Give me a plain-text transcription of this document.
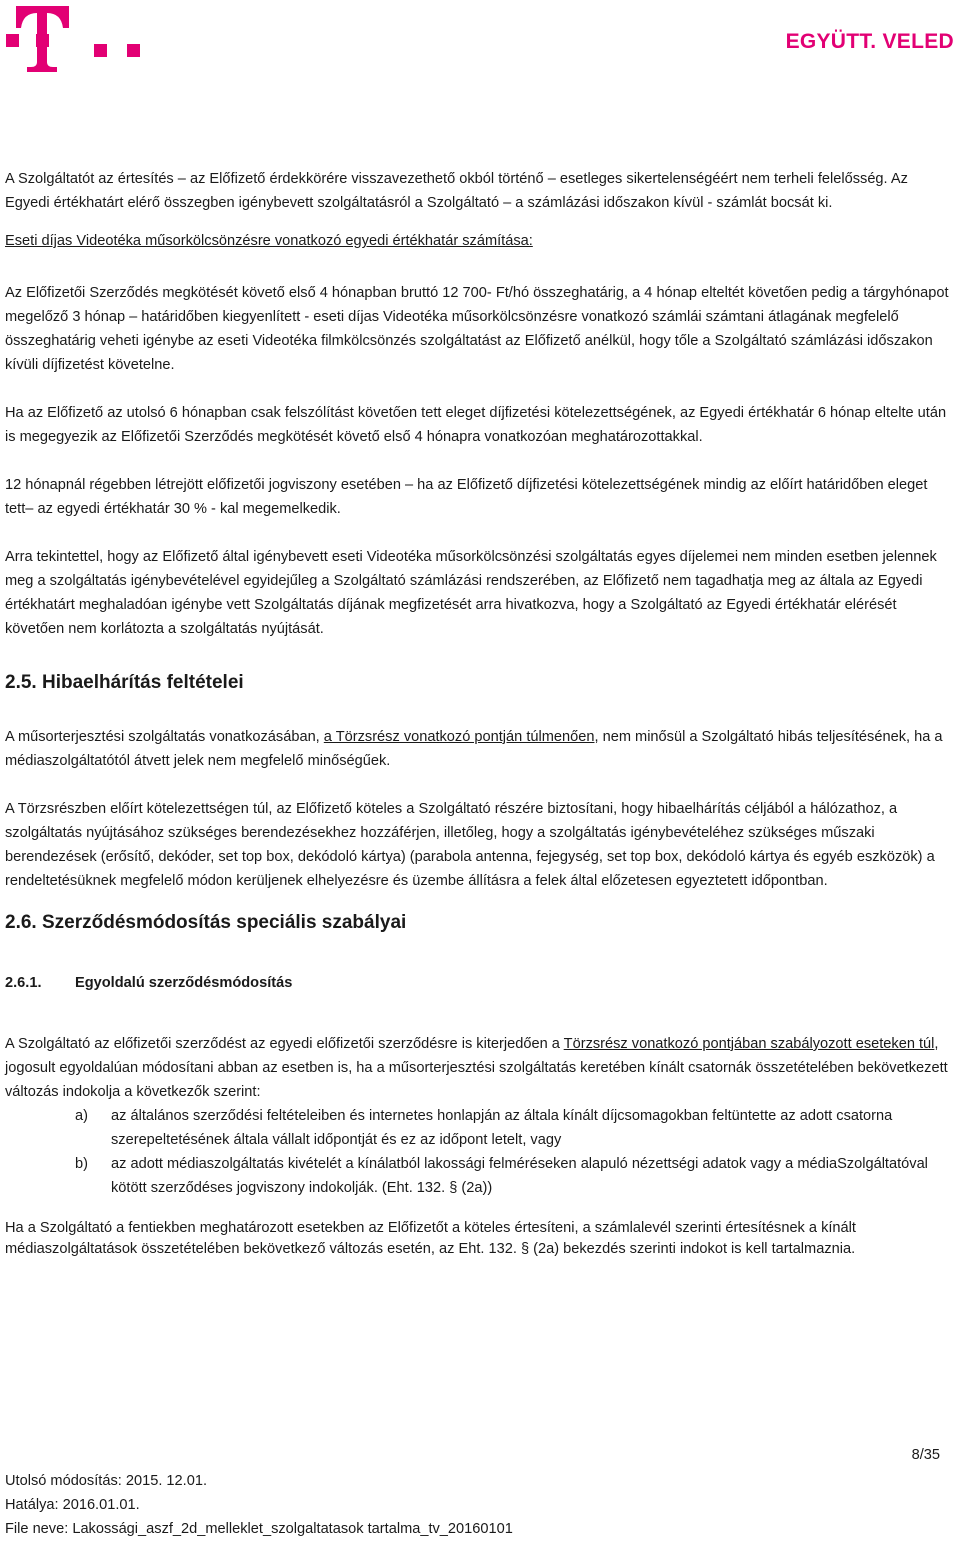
EGYÜTT. VELED

A Szolgáltatót az értesítés – az Előfizető érdekkörére visszavezethető okból történő – esetleges sikertelenségéért nem terheli felelősség. Az Egyedi értékhatárt elérő összegben igénybevett szolgáltatásról a Szolgáltató – a számlázási időszakon kívül - számlát bocsát ki.

Eseti díjas Videotéka műsorkölcsönzésre vonatkozó egyedi értékhatár számítása:

Az Előfizetői Szerződés megkötését követő első 4 hónapban bruttó 12 700- Ft/hó összeghatárig, a 4 hónap elteltét követően pedig a tárgyhónapot megelőző 3 hónap – határidőben kiegyenlített - eseti díjas Videotéka műsorkölcsönzésre vonatkozó számlái számtani átlagának megfelelő összeghatárig veheti igénybe az eseti Videotéka filmkölcsönzés szolgáltatást az Előfizető anélkül, hogy tőle a Szolgáltató számlázási időszakon kívüli díjfizetést követelne.

Ha az Előfizető az utolsó 6 hónapban csak felszólítást követően tett eleget díjfizetési kötelezettségének, az Egyedi értékhatár 6 hónap eltelte után is megegyezik az Előfizetői Szerződés megkötését követő első 4 hónapra vonatkozóan meghatározottakkal.

12 hónapnál régebben létrejött előfizetői jogviszony esetében – ha az Előfizető díjfizetési kötelezettségének mindig az előírt határidőben eleget tett– az egyedi értékhatár 30 % - kal megemelkedik.

Arra tekintettel, hogy az Előfizető által igénybevett eseti Videotéka műsorkölcsönzési szolgáltatás egyes díjelemei nem minden esetben jelennek meg a szolgáltatás igénybevételével egyidejűleg a Szolgáltató számlázási rendszerében, az Előfizető nem tagadhatja meg az általa az Egyedi értékhatárt meghaladóan igénybe vett Szolgáltatás díjának megfizetését arra hivatkozva, hogy a Szolgáltató az Egyedi értékhatár elérését követően nem korlátozta a szolgáltatás nyújtását.

2.5. Hibaelhárítás feltételei

A műsorterjesztési szolgáltatás vonatkozásában, a Törzsrész vonatkozó pontján túlmenően, nem minősül a Szolgáltató hibás teljesítésének, ha a médiaszolgáltatótól átvett jelek nem megfelelő minőségűek.

A Törzsrészben előírt kötelezettségen túl, az Előfizető köteles a Szolgáltató részére biztosítani, hogy hibaelhárítás céljából a hálózathoz, a szolgáltatás nyújtásához szükséges berendezésekhez hozzáférjen, illetőleg, hogy a szolgáltatás igénybevételéhez szükséges műszaki berendezések (erősítő, dekóder, set top box, dekódoló kártya) (parabola antenna, fejegység, set top box, dekódoló kártya és egyéb eszközök) a rendeltetésüknek megfelelő módon kerüljenek elhelyezésre és üzembe állításra a felek által előzetesen egyeztetett időpontban.

2.6. Szerződésmódosítás speciális szabályai
2.6.1.	Egyoldalú szerződésmódosítás

A Szolgáltató az előfizetői szerződést az egyedi előfizetői szerződésre is kiterjedően a Törzsrész vonatkozó pontjában szabályozott eseteken túl, jogosult egyoldalúan módosítani abban az esetben is, ha a műsorterjesztési szolgáltatás keretében kínált csatornák összetételében bekövetkezett változás indokolja a következők szerint:

a)	az általános szerződési feltételeiben és internetes honlapján az általa kínált díjcsomagokban feltüntette az adott csatorna szerepeltetésének általa vállalt időpontját és ez az időpont letelt, vagy
b)	az adott médiaszolgáltatás kivételét a kínálatból lakossági felméréseken alapuló nézettségi adatok vagy a médiaSzolgáltatóval kötött szerződéses jogviszony indokolják. (Eht. 132. § (2a))

Ha a Szolgáltató a fentiekben meghatározott esetekben az Előfizetőt a köteles értesíteni, a számlalevél szerinti értesítésnek a kínált médiaszolgáltatások összetételében bekövetkező változás esetén, az Eht. 132. § (2a) bekezdés szerinti indokot is kell tartalmaznia.

8/35
Utolsó módosítás: 2015. 12.01.
Hatálya: 2016.01.01.
File neve: Lakossági_aszf_2d_melleklet_szolgaltatasok tartalma_tv_20160101
